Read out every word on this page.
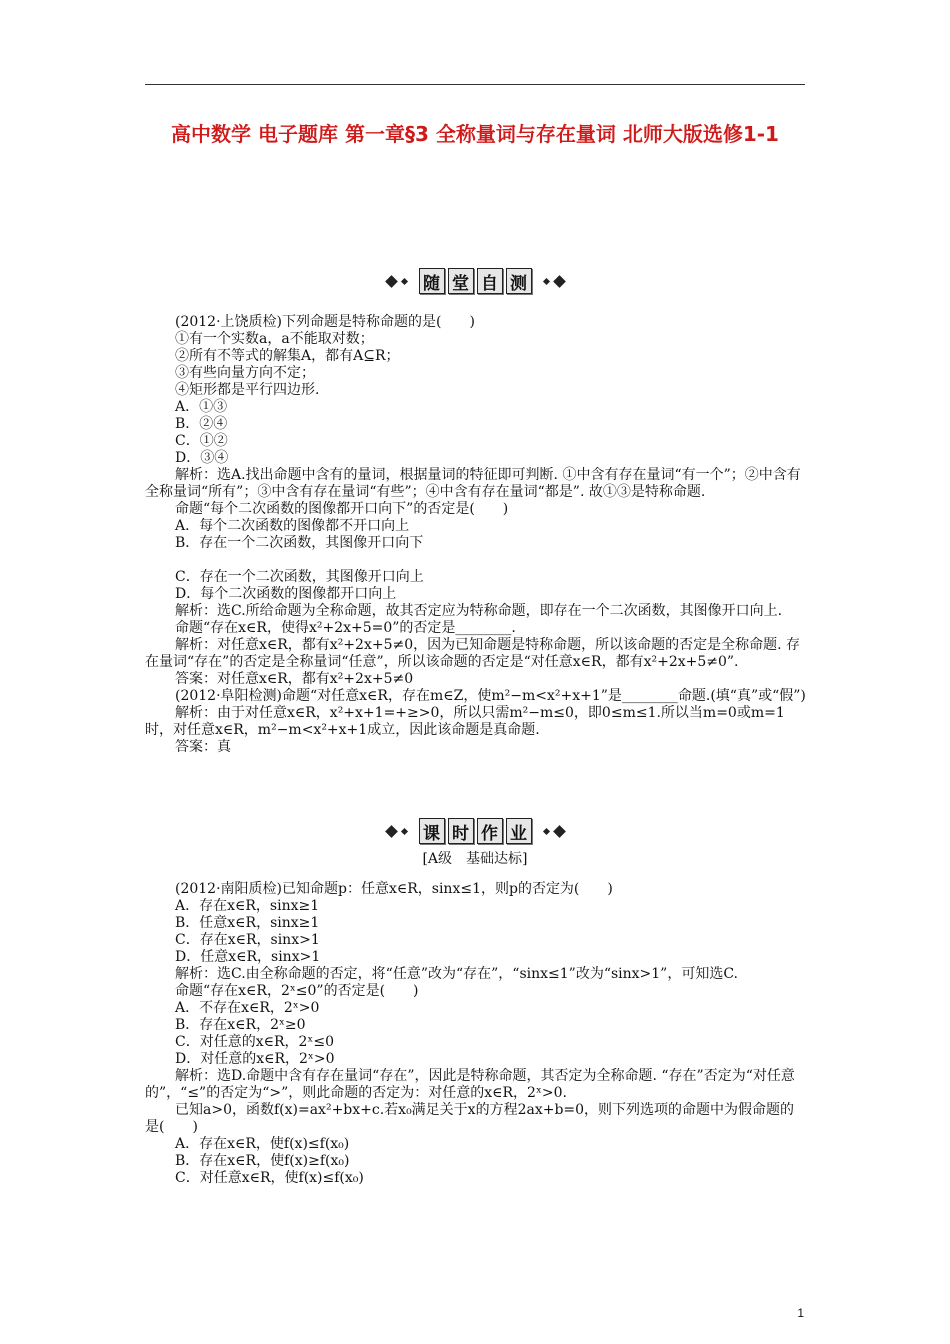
高中数学 电子题库 第一章§3 全称量词与存在量词 北师大版选修1-1
随 堂 自 测

(2012·上饶质检)下列命题是特称命题的是(　　)

①有一个实数a，a不能取对数；

②所有不等式的解集A，都有A⊆R；

③有些向量方向不定；

④矩形都是平行四边形.

A．①③

B．②④

C．①②

D．③④

解析：选A.找出命题中含有的量词，根据量词的特征即可判断. ①中含有存在量词“有一个”；②中含有全称量词“所有”；③中含有存在量词“有些”；④中含有存在量词“都是”. 故①③是特称命题.

命题“每个二次函数的图像都开口向下”的否定是(　　)

A．每个二次函数的图像都不开口向上

B．存在一个二次函数，其图像开口向下

C．存在一个二次函数，其图像开口向上

D．每个二次函数的图像都开口向上

解析：选C.所给命题为全称命题，故其否定应为特称命题，即存在一个二次函数，其图像开口向上.

命题“存在x∈R，使得x²+2x+5=0”的否定是________.

解析：对任意x∈R，都有x²+2x+5≠0，因为已知命题是特称命题，所以该命题的否定是全称命题. 存在量词“存在”的否定是全称量词“任意”，所以该命题的否定是“对任意x∈R，都有x²+2x+5≠0”.

答案：对任意x∈R，都有x²+2x+5≠0

(2012·阜阳检测)命题“对任意x∈R，存在m∈Z，使m²−m<x²+x+1”是________命题.(填“真”或“假”)

解析：由于对任意x∈R，x²+x+1=+≥>0，所以只需m²−m≤0，即0≤m≤1.所以当m=0或m=1时，对任意x∈R，m²−m<x²+x+1成立，因此该命题是真命题.

答案：真

课 时 作 业
[A级　基础达标]

(2012·南阳质检)已知命题p：任意x∈R，sinx≤1，则p的否定为(　　)

A．存在x∈R，sinx≥1

B．任意x∈R，sinx≥1

C．存在x∈R，sinx>1

D．任意x∈R，sinx>1

解析：选C.由全称命题的否定，将“任意”改为“存在”，“sinx≤1”改为“sinx>1”，可知选C.

命题“存在x∈R，2ˣ≤0”的否定是(　　)

A．不存在x∈R，2ˣ>0

B．存在x∈R，2ˣ≥0

C．对任意的x∈R，2ˣ≤0

D．对任意的x∈R，2ˣ>0

解析：选D.命题中含有存在量词“存在”，因此是特称命题，其否定为全称命题. “存在”否定为“对任意的”，“≤”的否定为“>”，则此命题的否定为：对任意的x∈R，2ˣ>0.

已知a>0，函数f(x)=ax²+bx+c.若x₀满足关于x的方程2ax+b=0，则下列选项的命题中为假命题的是(　　)

A．存在x∈R，使f(x)≤f(x₀)

B．存在x∈R，使f(x)≥f(x₀)

C．对任意x∈R，使f(x)≤f(x₀)

1
